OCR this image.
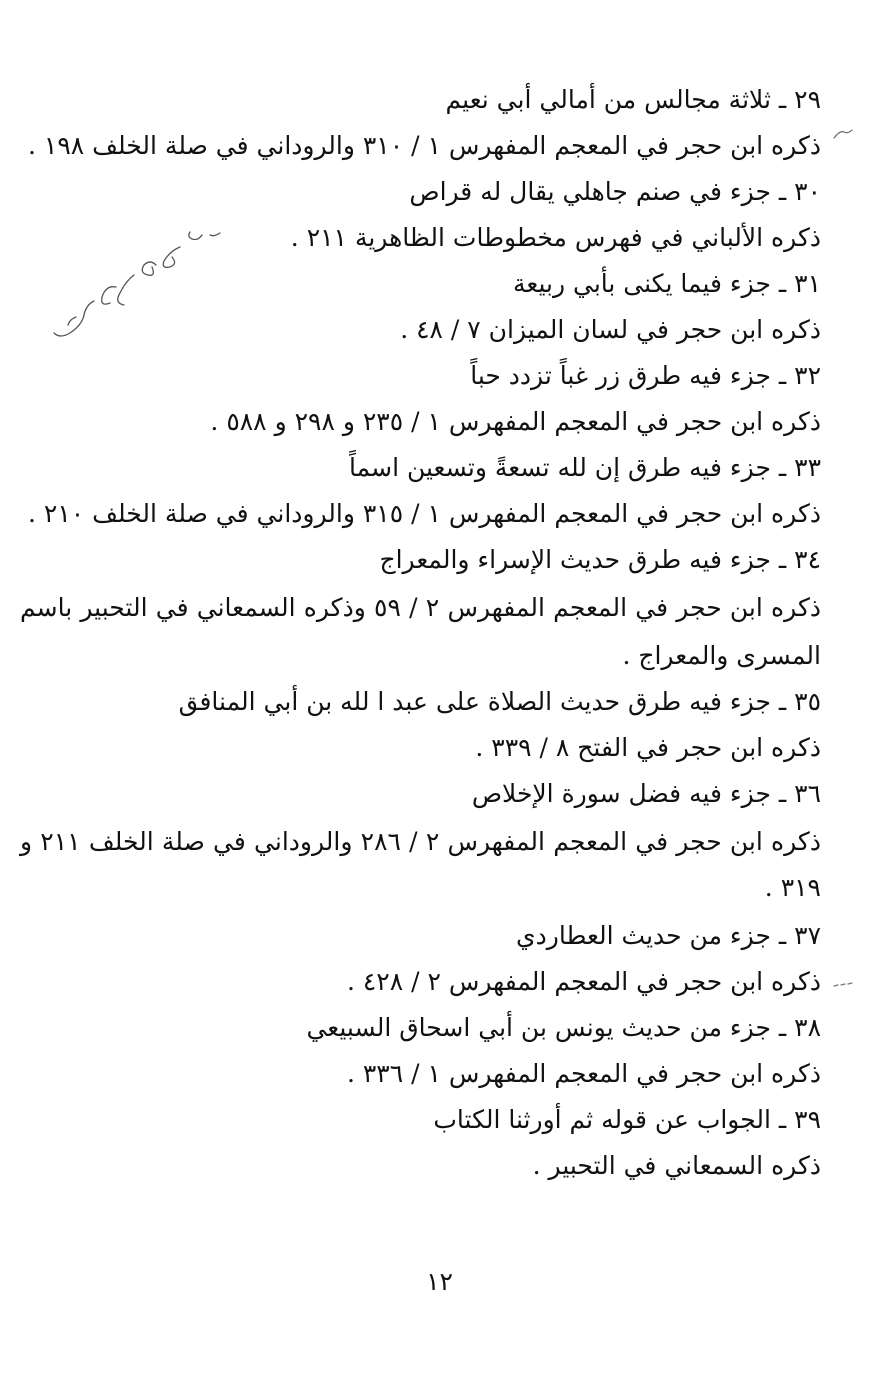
٢٩ ـ ثلاثة مجالس من أمالي أبي نعيم
ذكره ابن حجر في المعجم المفهرس ١ / ٣١٠ والروداني في صلة الخلف ١٩٨ .
٣٠ ـ جزء في صنم جاهلي يقال له قراص
ذكره الألباني في فهرس مخطوطات الظاهرية ٢١١ .
٣١ ـ جزء فيما يكنى بأبي ربيعة
ذكره ابن حجر في لسان الميزان ٧ / ٤٨ .
٣٢ ـ جزء فيه طرق زر غباً تزدد حباً
ذكره ابن حجر في المعجم المفهرس ١ / ٢٣٥ و ٢٩٨ و ٥٨٨ .
٣٣ ـ جزء فيه طرق إن لله تسعةً وتسعين اسماً
ذكره ابن حجر في المعجم المفهرس ١ / ٣١٥ والروداني في صلة الخلف ٢١٠ .
٣٤ ـ جزء فيه طرق حديث الإسراء والمعراج
ذكره ابن حجر في المعجم المفهرس ٢ / ٥٩ وذكره السمعاني في التحبير باسم
المسرى والمعراج .
٣٥ ـ جزء فيه طرق حديث الصلاة على عبد ا لله بن أبي المنافق
ذكره ابن حجر في الفتح ٨ / ٣٣٩ .
٣٦ ـ جزء فيه فضل سورة الإخلاص
ذكره ابن حجر في المعجم المفهرس ٢ / ٢٨٦ والروداني في صلة الخلف ٢١١ و
٣١٩ .
٣٧ ـ جزء من حديث العطاردي
ذكره ابن حجر في المعجم المفهرس ٢ / ٤٢٨ .
٣٨ ـ جزء من حديث يونس بن أبي اسحاق السبيعي
ذكره ابن حجر في المعجم المفهرس ١ / ٣٣٦ .
٣٩ ـ الجواب عن قوله ثم أورثنا الكتاب
ذكره السمعاني في التحبير .
١٢
